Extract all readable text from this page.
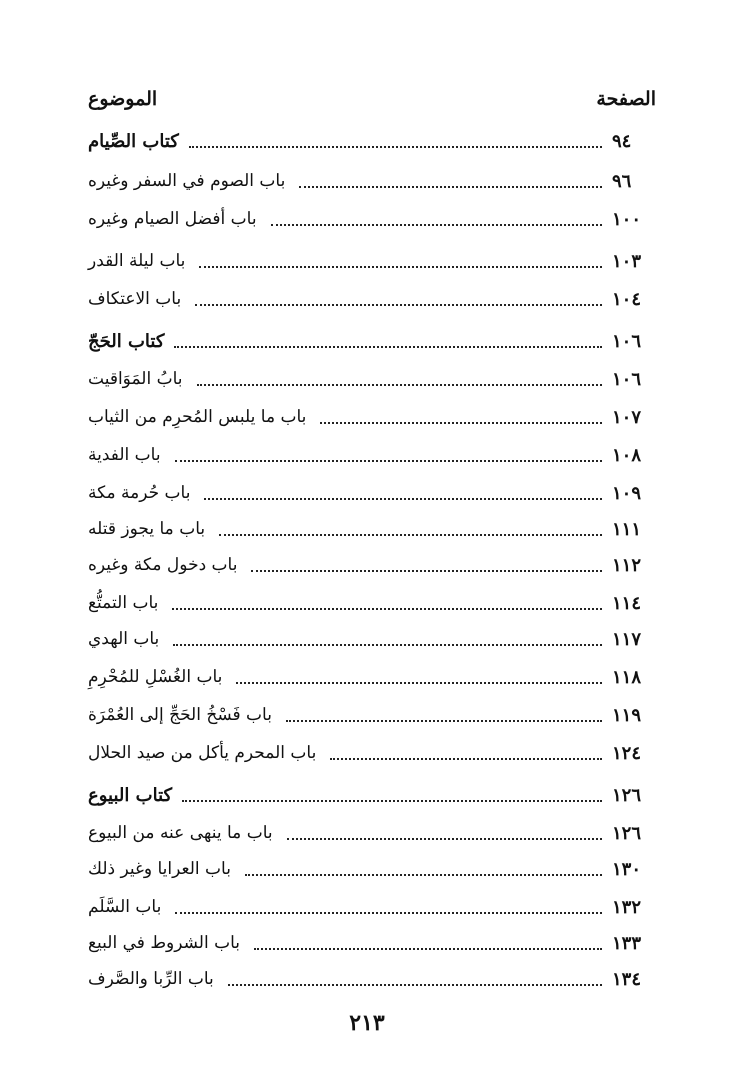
الموضوع	الصفحة
كتاب الصِّيام	٩٤
باب الصوم في السفر وغيره	٩٦
باب أفضل الصيام وغيره	١٠٠
باب ليلة القدر	١٠٣
باب الاعتكاف	١٠٤
كتاب الحَجّ	١٠٦
بابُ المَوَاقيت	١٠٦
باب ما يلبس المُحرِم من الثياب	١٠٧
باب الفدية	١٠٨
باب حُرمة مكة	١٠٩
باب ما يجوز قتله	١١١
باب دخول مكة وغيره	١١٢
باب التمتُّع	١١٤
باب الهدي	١١٧
باب الغُسْلِ للمُحْرِمِ	١١٨
باب فَسْخُ الحَجِّ إلى العُمْرَة	١١٩
باب المحرم يأكل من صيد الحلال	١٢٤
كتاب البيوع	١٢٦
باب ما ينهى عنه من البيوع	١٢٦
باب العرايا وغير ذلك	١٣٠
باب السَّلَم	١٣٢
باب الشروط في البيع	١٣٣
باب الرِّبا والصَّرف	١٣٤
٢١٣
